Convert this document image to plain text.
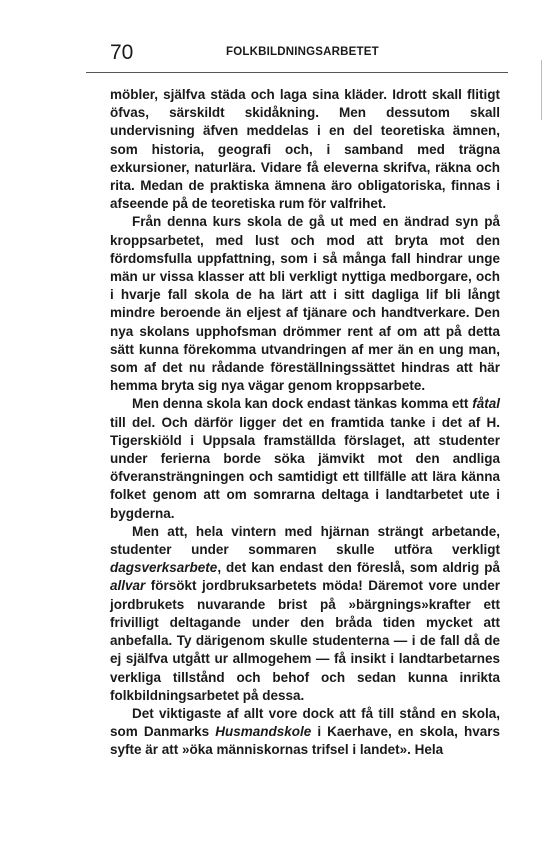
70	FOLKBILDNINGSARBETET

möbler, själfva städa och laga sina kläder. Idrott skall flitigt öfvas, särskildt skidåkning. Men dessutom skall undervisning äfven meddelas i en del teoretiska ämnen, som historia, geografi och, i samband med trägna exkursioner, naturlära. Vidare få eleverna skrifva, räkna och rita. Medan de praktiska ämnena äro obligatoriska, finnas i afseende på de teoretiska rum för valfrihet.

Från denna kurs skola de gå ut med en ändrad syn på kroppsarbetet, med lust och mod att bryta mot den fördomsfulla uppfattning, som i så många fall hindrar unge män ur vissa klasser att bli verkligt nyttiga medborgare, och i hvarje fall skola de ha lärt att i sitt dagliga lif bli långt mindre beroende än eljest af tjänare och handtverkare. Den nya skolans upphofsman drömmer rent af om att på detta sätt kunna förekomma utvandringen af mer än en ung man, som af det nu rådande föreställningssättet hindras att här hemma bryta sig nya vägar genom kroppsarbete.

Men denna skola kan dock endast tänkas komma ett fåtal till del. Och därför ligger det en framtida tanke i det af H. Tigerskiöld i Uppsala framställda förslaget, att studenter under ferierna borde söka jämvikt mot den andliga öfveransträngningen och samtidigt ett tillfälle att lära känna folket genom att om somrarna deltaga i landtarbetet ute i bygderna.

Men att, hela vintern med hjärnan strängt arbetande, studenter under sommaren skulle utföra verkligt dagsverksarbete, det kan endast den föreslå, som aldrig på allvar försökt jordbruksarbetets möda! Däremot vore under jordbrukets nuvarande brist på »bärgnings»krafter ett frivilligt deltagande under den bråda tiden mycket att anbefalla. Ty därigenom skulle studenterna — i de fall då de ej själfva utgått ur allmogehem — få insikt i landtarbetarnes verkliga tillstånd och behof och sedan kunna inrikta folkbildningsarbetet på dessa.

Det viktigaste af allt vore dock att få till stånd en skola, som Danmarks Husmandskole i Kaerhave, en skola, hvars syfte är att »öka människornas trifsel i landet». Hela
